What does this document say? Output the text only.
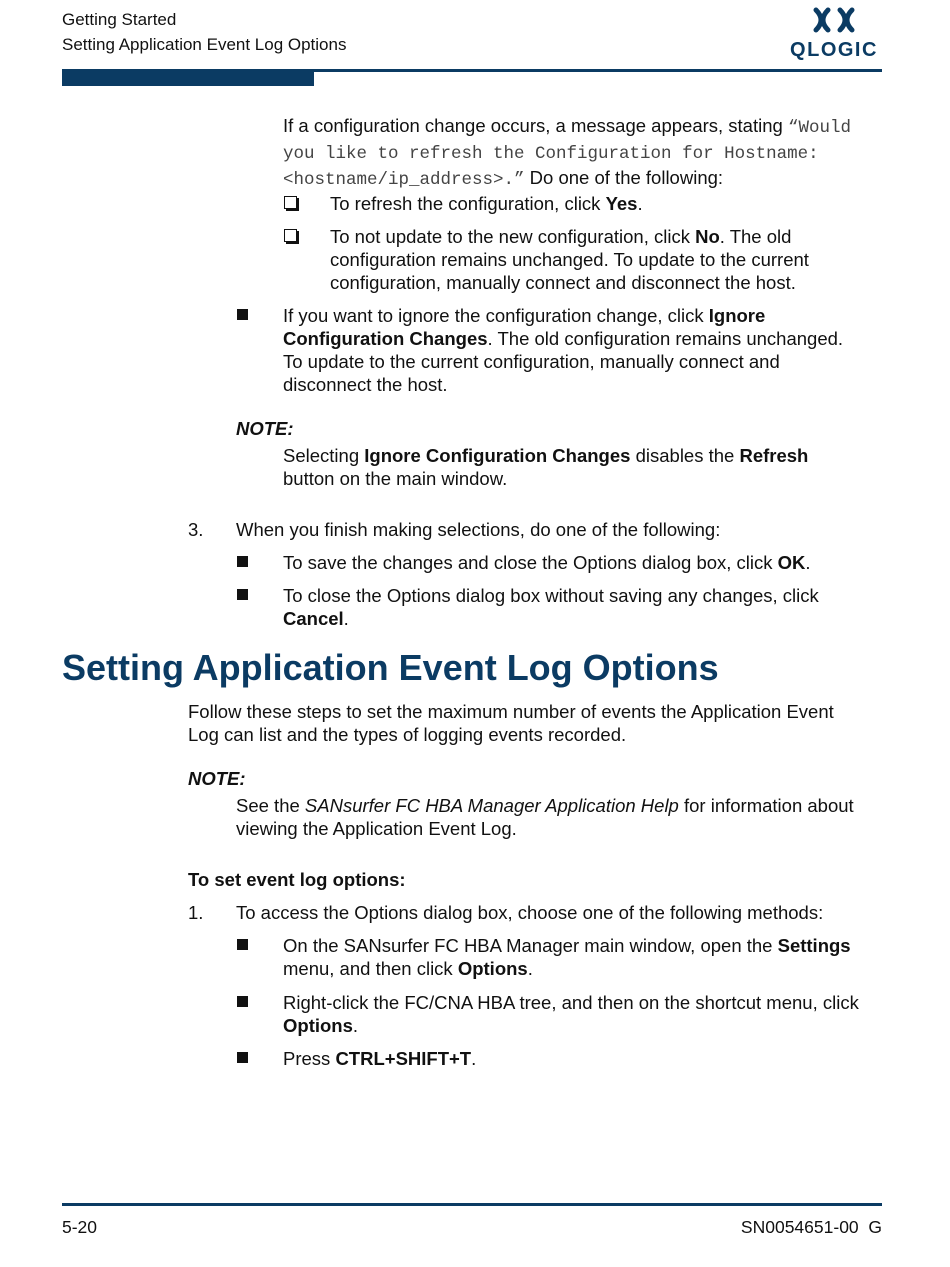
Getting Started
Setting Application Event Log Options	QLOGIC
If a configuration change occurs, a message appears, stating “Would
you like to refresh the Configuration for Hostname:
<hostname/ip_address>.” Do one of the following:
To refresh the configuration, click Yes.
To not update to the new configuration, click No. The old
configuration remains unchanged. To update to the current
configuration, manually connect and disconnect the host.
If you want to ignore the configuration change, click Ignore
Configuration Changes. The old configuration remains unchanged.
To update to the current configuration, manually connect and
disconnect the host.
NOTE:
Selecting Ignore Configuration Changes disables the Refresh
button on the main window.
3. When you finish making selections, do one of the following:
To save the changes and close the Options dialog box, click OK.
To close the Options dialog box without saving any changes, click
Cancel.
Setting Application Event Log Options
Follow these steps to set the maximum number of events the Application Event
Log can list and the types of logging events recorded.
NOTE:
See the SANsurfer FC HBA Manager Application Help for information about
viewing the Application Event Log.
To set event log options:
1. To access the Options dialog box, choose one of the following methods:
On the SANsurfer FC HBA Manager main window, open the Settings
menu, and then click Options.
Right-click the FC/CNA HBA tree, and then on the shortcut menu, click
Options.
Press CTRL+SHIFT+T.
5-20	SN0054651-00  G
